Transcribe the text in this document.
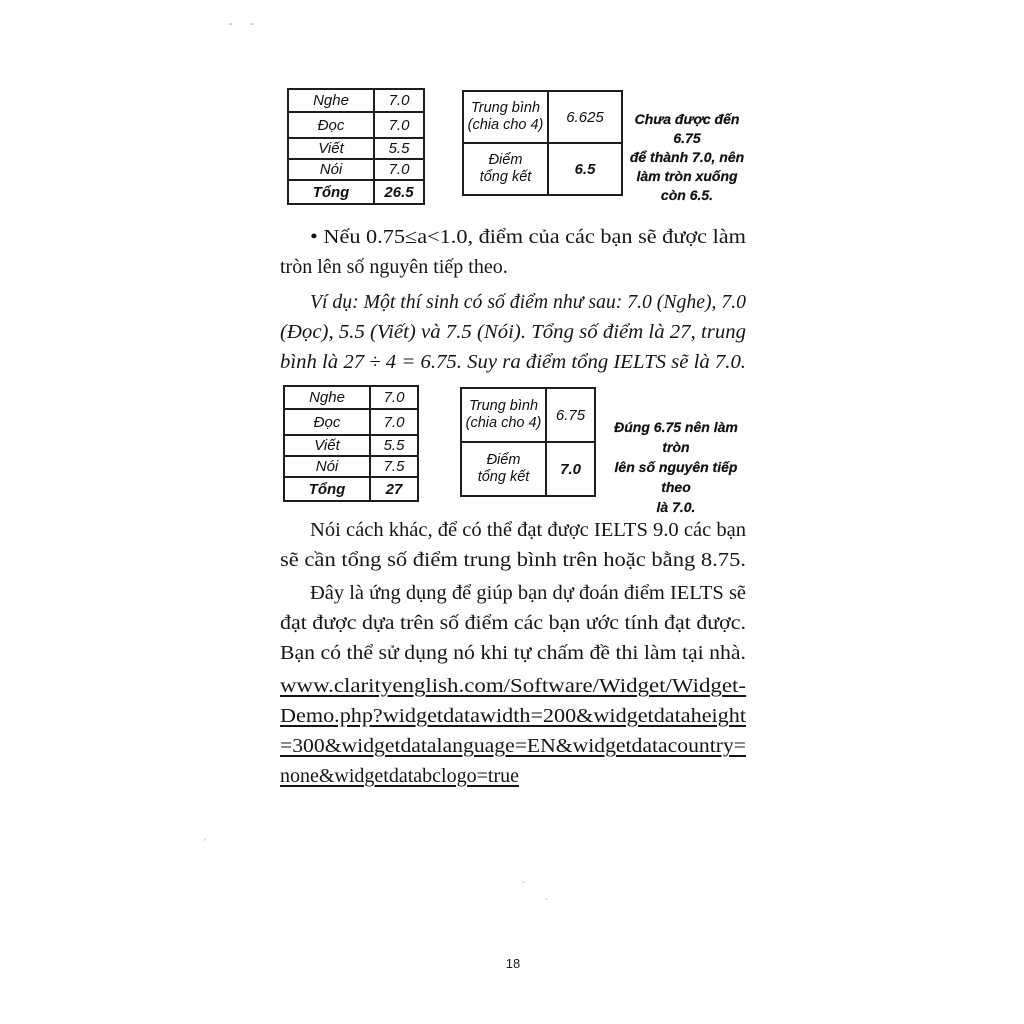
Nghe	7.0
Đọc	7.0
Viết	5.5
Nói	7.0
Tổng	26.5
Trung bình
(chia cho 4)	6.625

Điểm
tổng kết	6.5
Chưa được đến 6.75
để thành 7.0, nên
làm tròn xuống
còn 6.5.
• Nếu 0.75≤a<1.0, điểm của các bạn sẽ được làm
tròn lên số nguyên tiếp theo.
Ví dụ: Một thí sinh có số điểm như sau: 7.0 (Nghe), 7.0
(Đọc), 5.5 (Viết) và 7.5 (Nói). Tổng số điểm là 27, trung
bình là 27 ÷ 4 = 6.75. Suy ra điểm tổng IELTS sẽ là 7.0.
Nghe	7.0
Đọc	7.0
Viết	5.5
Nói	7.5
Tổng	27
Trung bình
(chia cho 4)	6.75

Điểm
tổng kết	7.0
Đúng 6.75 nên làm tròn
lên số nguyên tiếp theo
là 7.0.
Nói cách khác, để có thể đạt được IELTS 9.0 các bạn
sẽ cần tổng số điểm trung bình trên hoặc bằng 8.75.
Đây là ứng dụng để giúp bạn dự đoán điểm IELTS sẽ
đạt được dựa trên số điểm các bạn ước tính đạt được.
Bạn có thể sử dụng nó khi tự chấm đề thi làm tại nhà.
www.clarityenglish.com/Software/Widget/Widget-
Demo.php?widgetdatawidth=200&widgetdataheight
=300&widgetdatalanguage=EN&widgetdatacountry=
none&widgetdatabclogo=true
18
